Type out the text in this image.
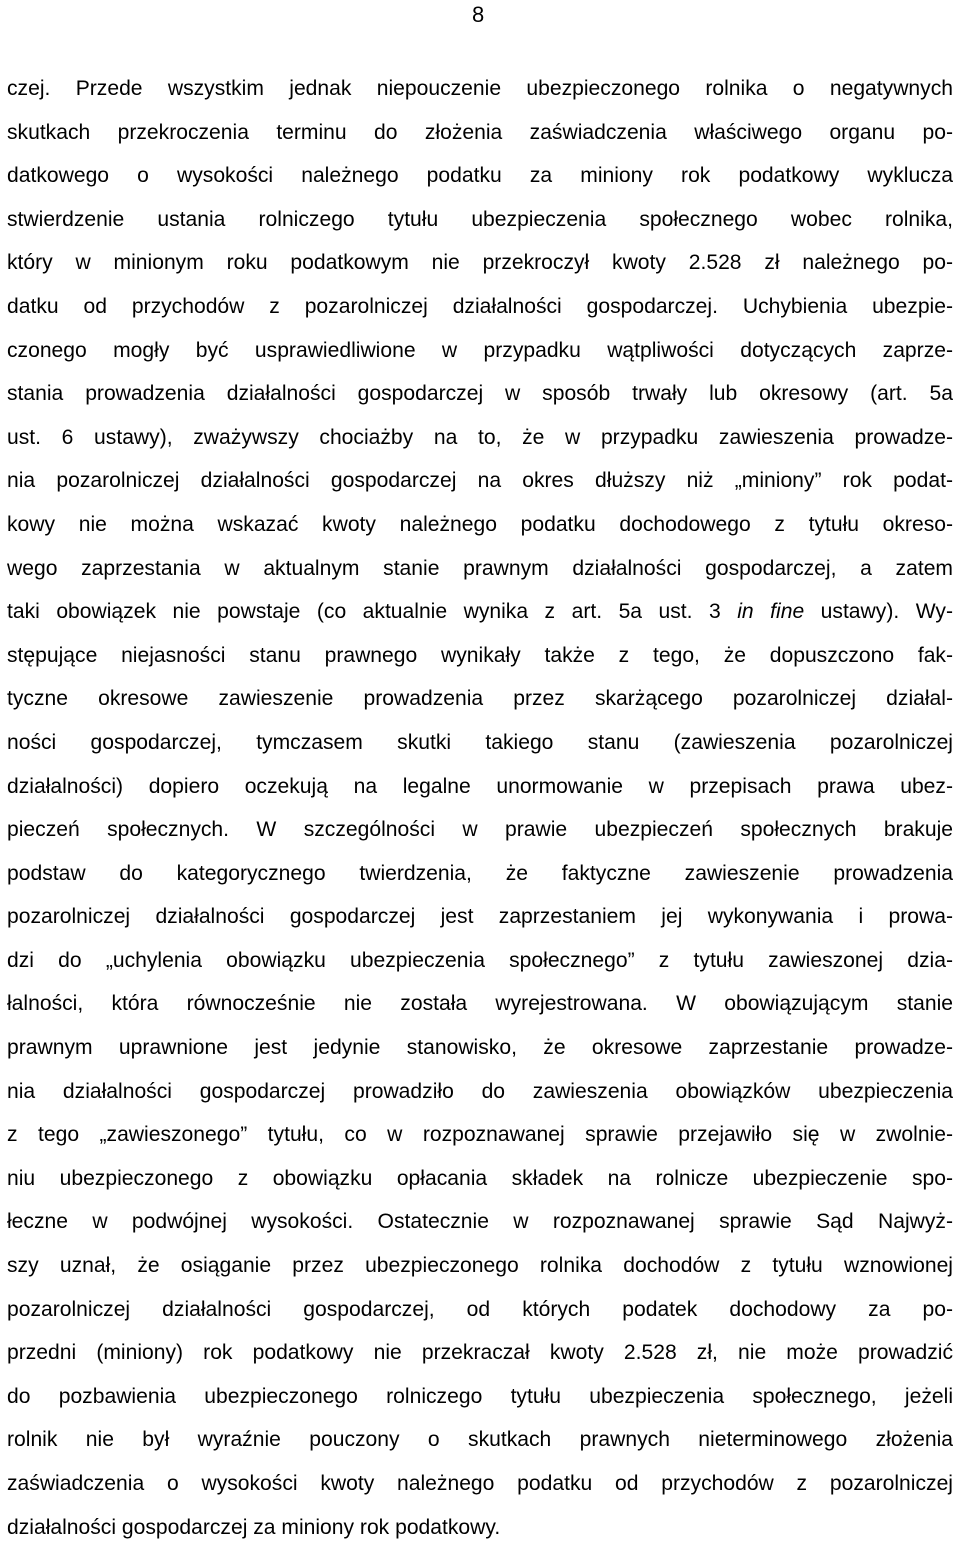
8
czej. Przede wszystkim jednak niepouczenie ubezpieczonego rolnika o negatywnych
skutkach przekroczenia terminu do złożenia zaświadczenia właściwego organu po-
datkowego o wysokości należnego podatku za miniony rok podatkowy wyklucza
stwierdzenie ustania rolniczego tytułu ubezpieczenia społecznego wobec rolnika,
który w minionym roku podatkowym nie przekroczył kwoty 2.528 zł należnego po-
datku od przychodów z pozarolniczej działalności gospodarczej. Uchybienia ubezpie-
czonego mogły być usprawiedliwione w przypadku wątpliwości dotyczących zaprze-
stania prowadzenia działalności gospodarczej w sposób trwały lub okresowy (art. 5a
ust. 6 ustawy), zważywszy chociażby na to, że w przypadku zawieszenia prowadze-
nia pozarolniczej działalności gospodarczej na okres dłuższy niż „miniony” rok podat-
kowy nie można wskazać kwoty należnego podatku dochodowego z tytułu okreso-
wego zaprzestania w aktualnym stanie prawnym działalności gospodarczej, a zatem
taki obowiązek nie powstaje (co aktualnie wynika z art. 5a ust. 3 in fine ustawy). Wy-
stępujące niejasności stanu prawnego wynikały także z tego, że dopuszczono fak-
tyczne okresowe zawieszenie prowadzenia przez skarżącego pozarolniczej działal-
ności gospodarczej, tymczasem skutki takiego stanu (zawieszenia pozarolniczej
działalności) dopiero oczekują na legalne unormowanie w przepisach prawa ubez-
pieczeń społecznych. W szczególności w prawie ubezpieczeń społecznych brakuje
podstaw do kategorycznego twierdzenia, że faktyczne zawieszenie prowadzenia
pozarolniczej działalności gospodarczej jest zaprzestaniem jej wykonywania i prowa-
dzi do „uchylenia obowiązku ubezpieczenia społecznego” z tytułu zawieszonej dzia-
łalności, która równocześnie nie została wyrejestrowana. W obowiązującym stanie
prawnym uprawnione jest jedynie stanowisko, że okresowe zaprzestanie prowadze-
nia działalności gospodarczej prowadziło do zawieszenia obowiązków ubezpieczenia
z tego „zawieszonego” tytułu, co w rozpoznawanej sprawie przejawiło się w zwolnie-
niu ubezpieczonego z obowiązku opłacania składek na rolnicze ubezpieczenie spo-
łeczne w podwójnej wysokości. Ostatecznie w rozpoznawanej sprawie Sąd Najwyż-
szy uznał, że osiąganie przez ubezpieczonego rolnika dochodów z tytułu wznowionej
pozarolniczej działalności gospodarczej, od których podatek dochodowy za po-
przedni (miniony) rok podatkowy nie przekraczał kwoty 2.528 zł, nie może prowadzić
do pozbawienia ubezpieczonego rolniczego tytułu ubezpieczenia społecznego, jeżeli
rolnik nie był wyraźnie pouczony o skutkach prawnych nieterminowego złożenia
zaświadczenia o wysokości kwoty należnego podatku od przychodów z pozarolniczej
działalności gospodarczej za miniony rok podatkowy.
